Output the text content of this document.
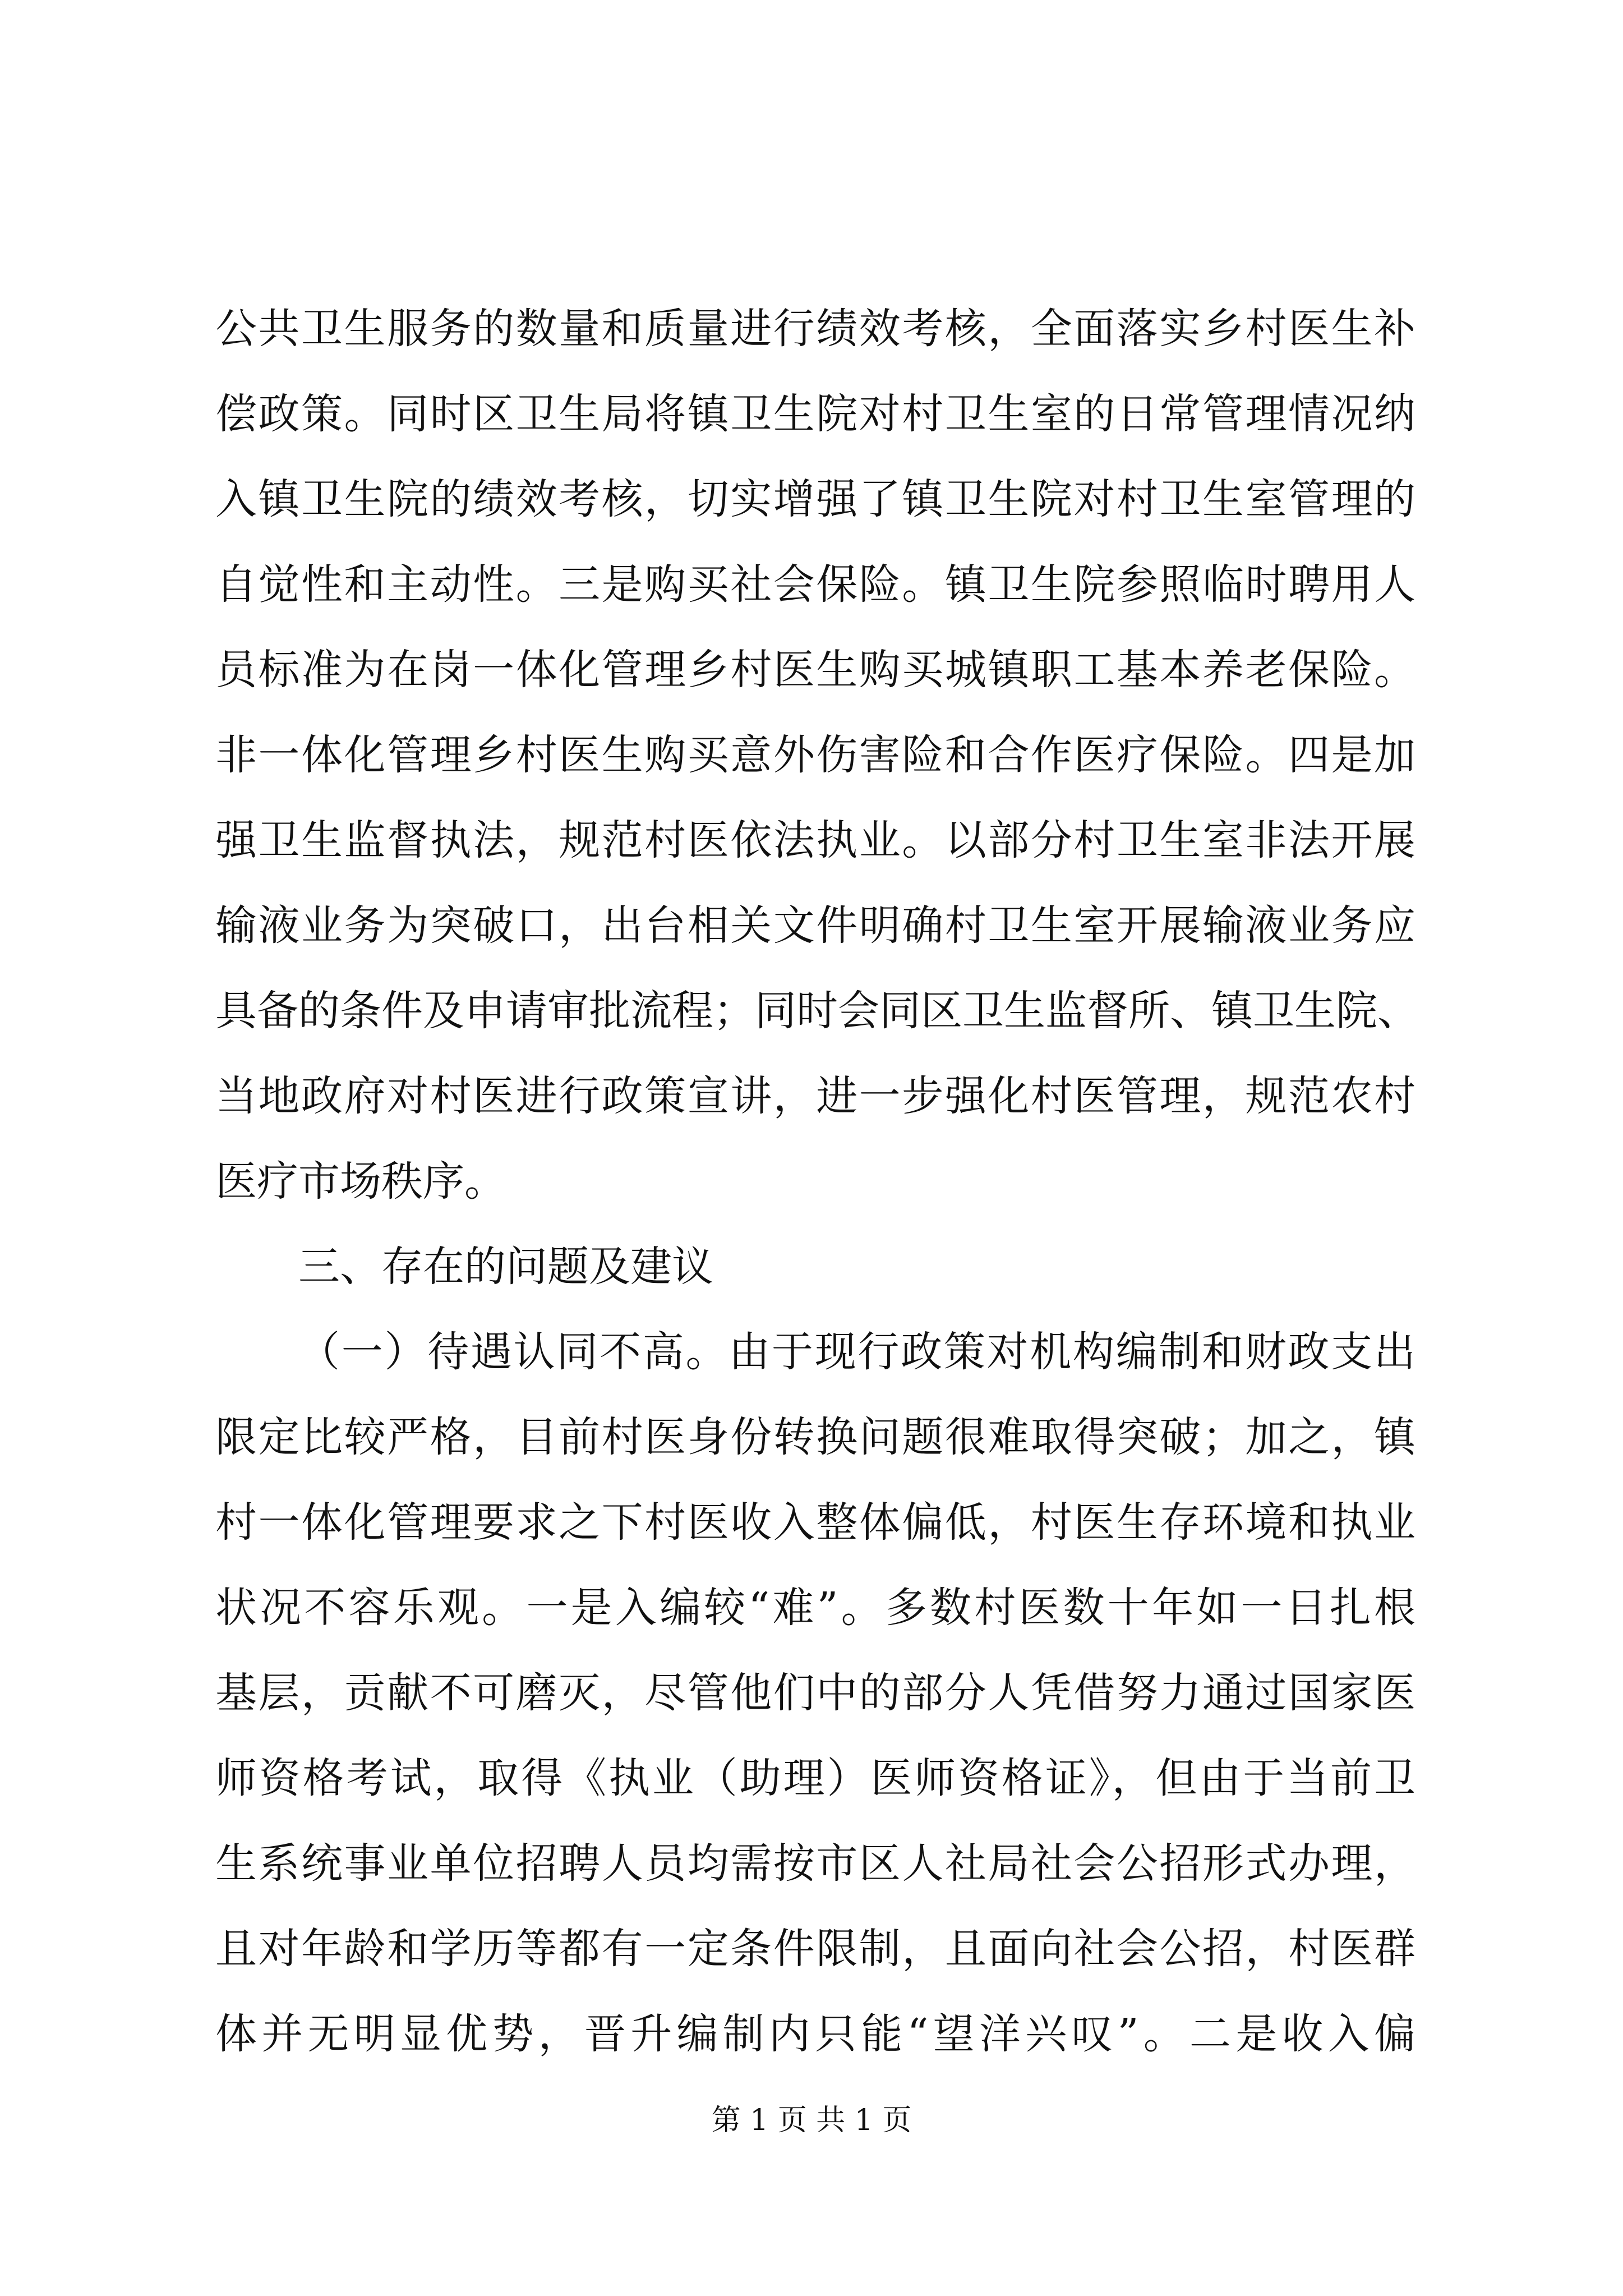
公共卫生服务的数量和质量进行绩效考核，全面落实乡村医生补
偿政策。同时区卫生局将镇卫生院对村卫生室的日常管理情况纳
入镇卫生院的绩效考核，切实增强了镇卫生院对村卫生室管理的
自觉性和主动性。三是购买社会保险。镇卫生院参照临时聘用人
员标准为在岗一体化管理乡村医生购买城镇职工基本养老保险。
非一体化管理乡村医生购买意外伤害险和合作医疗保险。四是加
强卫生监督执法，规范村医依法执业。以部分村卫生室非法开展
输液业务为突破口，出台相关文件明确村卫生室开展输液业务应
具备的条件及申请审批流程；同时会同区卫生监督所、镇卫生院、
当地政府对村医进行政策宣讲，进一步强化村医管理，规范农村
医疗市场秩序。
三、存在的问题及建议
（一）待遇认同不高。由于现行政策对机构编制和财政支出
限定比较严格，目前村医身份转换问题很难取得突破；加之，镇
村一体化管理要求之下村医收入整体偏低，村医生存环境和执业
状况不容乐观。一是入编较“难”。多数村医数十年如一日扎根
基层，贡献不可磨灭，尽管他们中的部分人凭借努力通过国家医
师资格考试，取得《执业（助理）医师资格证》，但由于当前卫
生系统事业单位招聘人员均需按市区人社局社会公招形式办理，
且对年龄和学历等都有一定条件限制，且面向社会公招，村医群
体并无明显优势，晋升编制内只能“望洋兴叹”。二是收入偏
第 1 页 共 1 页
